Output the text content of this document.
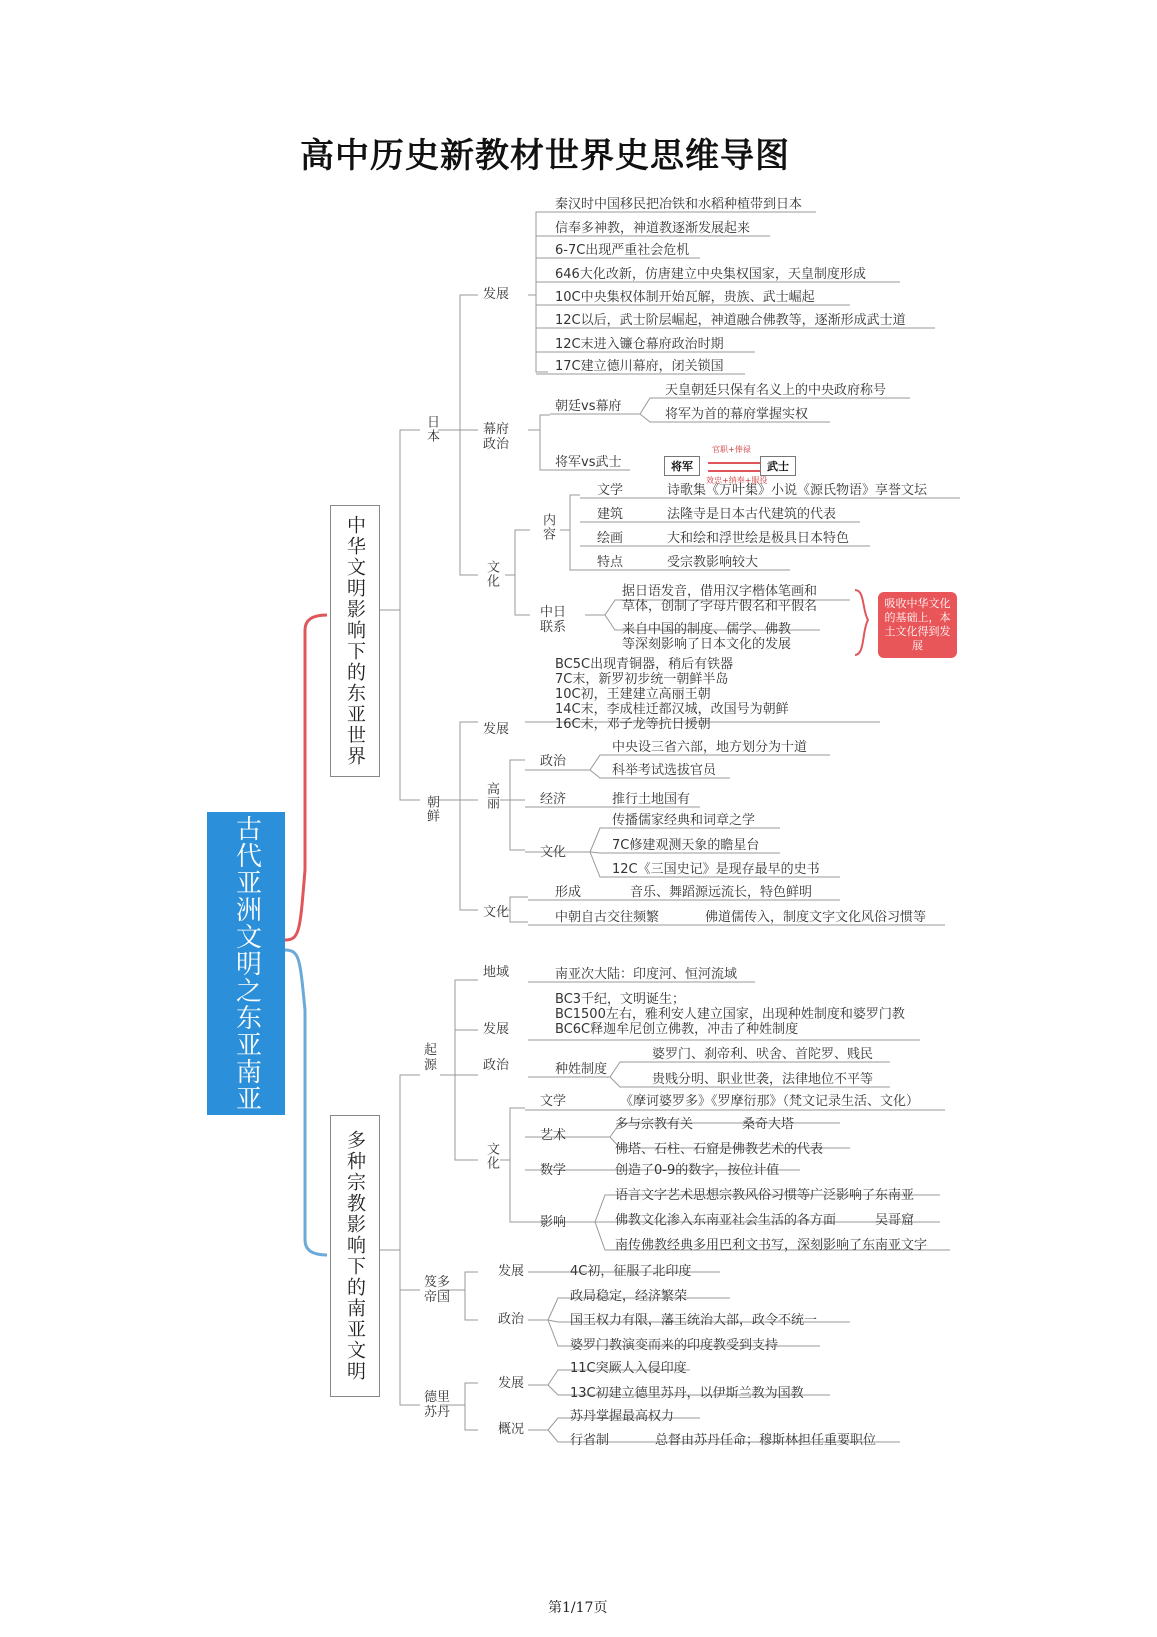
高中历史新教材世界史思维导图
古代亚洲文明之东亚南亚
中华文明影响下的东亚世界
多种宗教影响下的南亚文明
日本
发展
秦汉时中国移民把冶铁和水稻种植带到日本
信奉多神教，神道教逐渐发展起来
6-7C出现严重社会危机
646大化改新，仿唐建立中央集权国家，天皇制度形成
10C中央集权体制开始瓦解，贵族、武士崛起
12C以后，武士阶层崛起，神道融合佛教等，逐渐形成武士道
12C末进入镰仓幕府政治时期
17C建立德川幕府，闭关锁国
幕府政治
朝廷vs幕府
天皇朝廷只保有名义上的中央政府称号
将军为首的幕府掌握实权
将军vs武士	将军	武士
官职+俸禄
效忠+纳奉+服役
文化
内容
文学	诗歌集《万叶集》小说《源氏物语》享誉文坛
建筑	法隆寺是日本古代建筑的代表
绘画	大和绘和浮世绘是极具日本特色
特点	受宗教影响较大
中日联系
据日语发音，借用汉字楷体笔画和
草体，创制了字母片假名和平假名
来自中国的制度、儒学、佛教
等深刻影响了日本文化的发展
吸收中华文化的基础上，本土文化得到发展
朝鲜
发展
BC5C出现青铜器，稍后有铁器
7C末，新罗初步统一朝鲜半岛
10C初，王建建立高丽王朝
14C末，李成桂迁都汉城，改国号为朝鲜
16C末，邓子龙等抗日援朝
高丽
政治
中央设三省六部，地方划分为十道
科举考试选拔官员
经济	推行土地国有
文化
传播儒家经典和词章之学
7C修建观测天象的瞻星台
12C《三国史记》是现存最早的史书
文化
形成	音乐、舞蹈源远流长，特色鲜明
中朝自古交往频繁	佛道儒传入，制度文字文化风俗习惯等
起源
地域	南亚次大陆：印度河、恒河流域
发展
BC3千纪，文明诞生；
BC1500左右，雅利安人建立国家，出现种姓制度和婆罗门教
BC6C释迦牟尼创立佛教，冲击了种姓制度
政治	种姓制度
婆罗门、刹帝利、吠舍、首陀罗、贱民
贵贱分明、职业世袭，法律地位不平等
文化
文学	《摩诃婆罗多》《罗摩衍那》（梵文记录生活、文化）
艺术
多与宗教有关	桑奇大塔
佛塔、石柱、石窟是佛教艺术的代表
数学	创造了0-9的数字，按位计值
影响
语言文字艺术思想宗教风俗习惯等广泛影响了东南亚
佛教文化渗入东南亚社会生活的各方面	吴哥窟
南传佛教经典多用巴利文书写，深刻影响了东南亚文字
笈多帝国
发展	4C初，征服了北印度
政治
政局稳定，经济繁荣
国王权力有限，藩王统治大部，政令不统一
婆罗门教演变而来的印度教受到支持
德里苏丹
发展
11C突厥人入侵印度
13C初建立德里苏丹，以伊斯兰教为国教
概况
苏丹掌握最高权力
行省制	总督由苏丹任命；穆斯林担任重要职位
第1/17页
